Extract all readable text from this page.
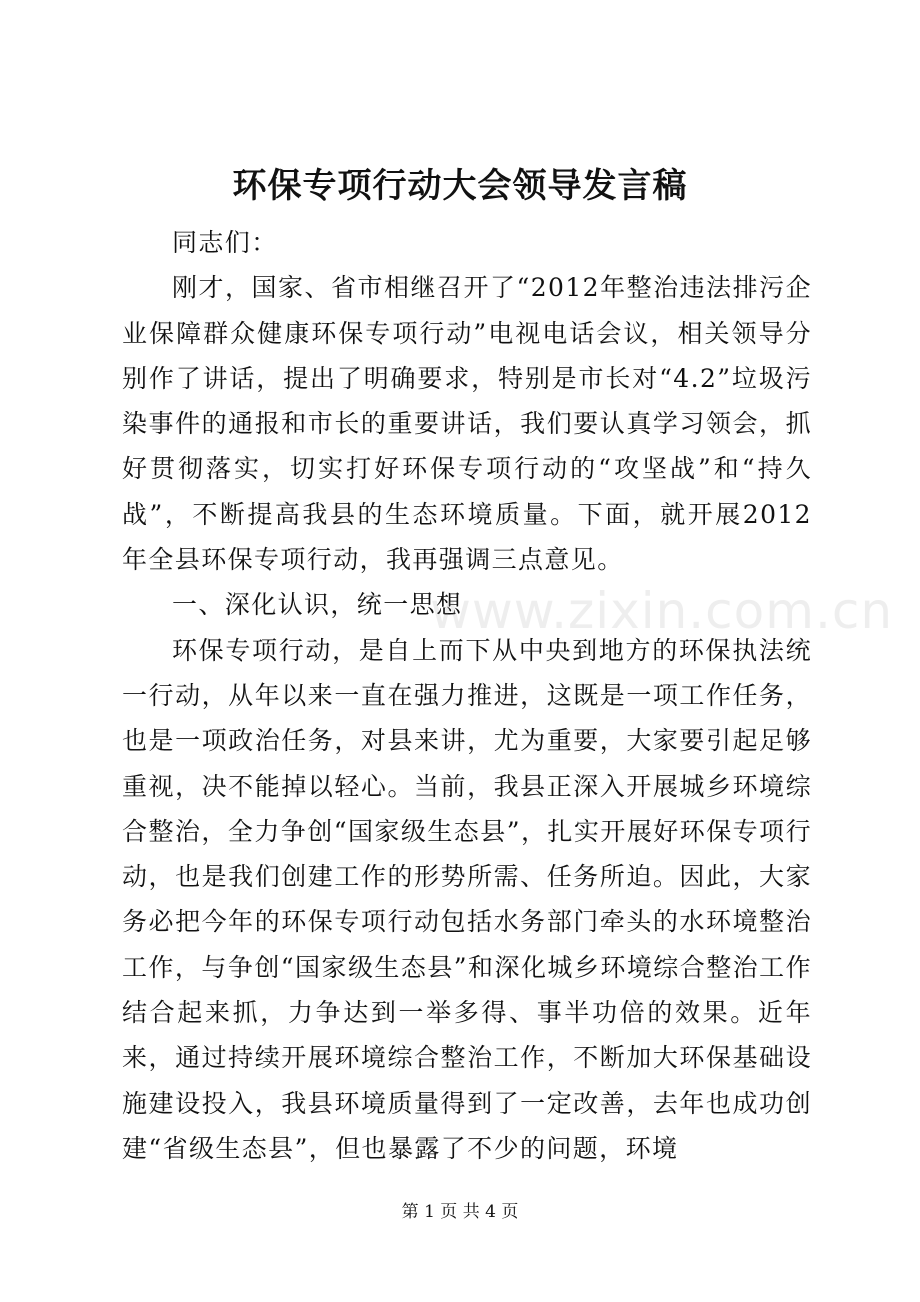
环保专项行动大会领导发言稿

同志们：

刚才，国家、省市相继召开了“2012年整治违法排污企业保障群众健康环保专项行动”电视电话会议，相关领导分别作了讲话，提出了明确要求，特别是市长对“4.2”垃圾污染事件的通报和市长的重要讲话，我们要认真学习领会，抓好贯彻落实，切实打好环保专项行动的“攻坚战”和“持久战”，不断提高我县的生态环境质量。下面，就开展2012年全县环保专项行动，我再强调三点意见。

一、深化认识，统一思想

环保专项行动，是自上而下从中央到地方的环保执法统一行动，从年以来一直在强力推进，这既是一项工作任务，也是一项政治任务，对县来讲，尤为重要，大家要引起足够重视，决不能掉以轻心。当前，我县正深入开展城乡环境综合整治，全力争创“国家级生态县”，扎实开展好环保专项行动，也是我们创建工作的形势所需、任务所迫。因此，大家务必把今年的环保专项行动包括水务部门牵头的水环境整治工作，与争创“国家级生态县”和深化城乡环境综合整治工作结合起来抓，力争达到一举多得、事半功倍的效果。近年来，通过持续开展环境综合整治工作，不断加大环保基础设施建设投入，我县环境质量得到了一定改善，去年也成功创建“省级生态县”，但也暴露了不少的问题，环境

www.zixin.com.cn
第 1 页 共 4 页
